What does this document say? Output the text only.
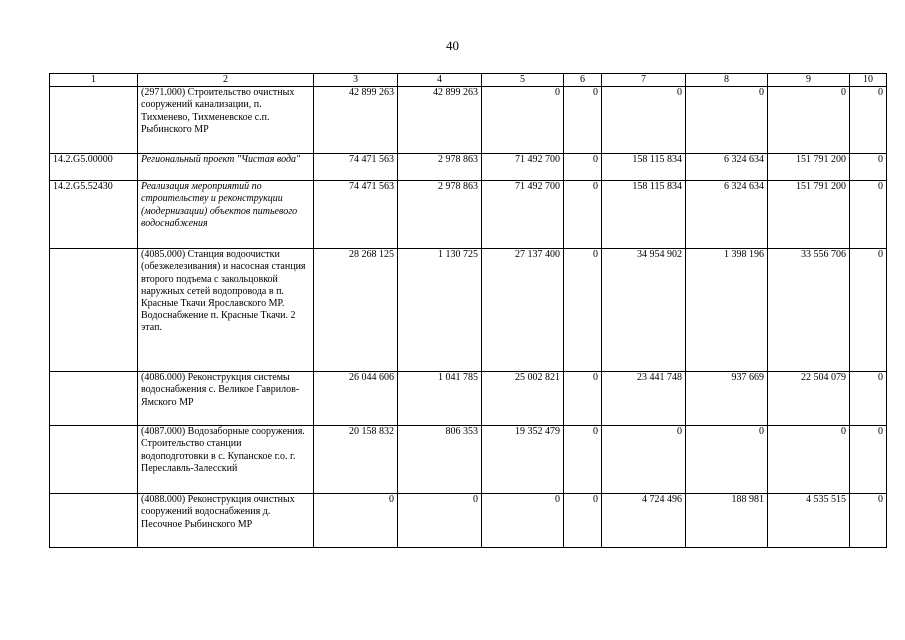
40
1	2	3	4	5	6	7	8	9	10
	(2971.000) Строительство очистных сооружений канализации, п. Тихменево, Тихменевское с.п. Рыбинского МР	42 899 263	42 899 263	0	0	0	0	0	0
14.2.G5.00000	Региональный проект "Чистая вода"	74 471 563	2 978 863	71 492 700	0	158 115 834	6 324 634	151 791 200	0
14.2.G5.52430	Реализация мероприятий по строительству и реконструкции (модернизации) объектов питьевого водоснабжения	74 471 563	2 978 863	71 492 700	0	158 115 834	6 324 634	151 791 200	0
	(4085.000) Станция водоочистки (обезжелезивания) и насосная станция второго подъема с закольцовкой наружных сетей водопровода в п. Красные Ткачи Ярославского МР. Водоснабжение п. Красные Ткачи. 2 этап.	28 268 125	1 130 725	27 137 400	0	34 954 902	1 398 196	33 556 706	0
	(4086.000) Реконструкция системы водоснабжения с. Великое Гаврилов-Ямского МР	26 044 606	1 041 785	25 002 821	0	23 441 748	937 669	22 504 079	0
	(4087.000) Водозаборные сооружения. Строительство станции водоподготовки в с. Купанское г.о. г. Переславль-Залесский	20 158 832	806 353	19 352 479	0	0	0	0	0
	(4088.000) Реконструкция очистных сооружений водоснабжения д. Песочное Рыбинского МР	0	0	0	0	4 724 496	188 981	4 535 515	0
